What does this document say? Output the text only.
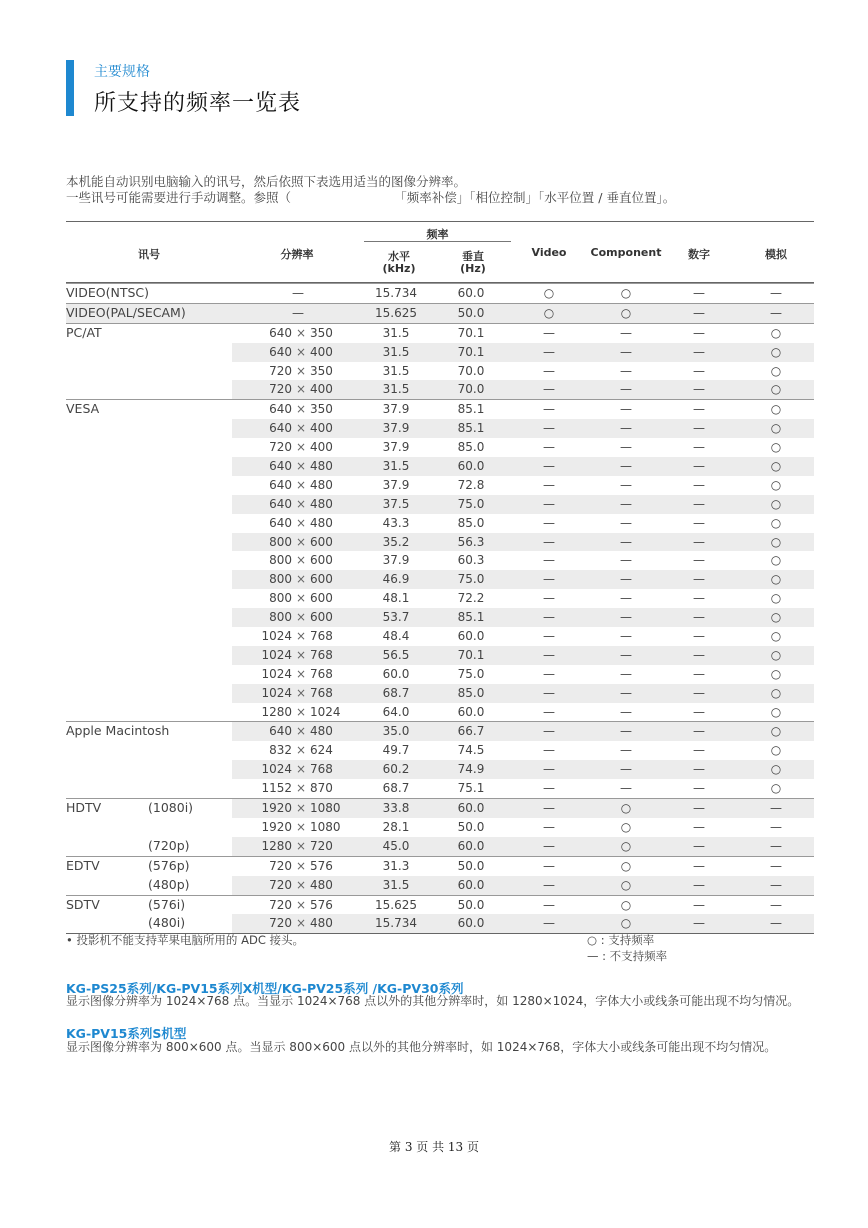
主要规格
所支持的频率一览表
本机能自动识别电脑输入的讯号，然后依照下表选用适当的图像分辨率。
一些讯号可能需要进行手动调整。参照（                          「频率补偿」「相位控制」「水平位置 / 垂直位置」。
讯号	分辨率
频率
水平
(kHz)
垂直
(Hz)
Video	Component	数字	模拟
VIDEO(NTSC)	—	15.734	60.0	○	○	—	—
VIDEO(PAL/SECAM)	—	15.625	50.0	○	○	—	—
PC/AT	640 × 350	31.5	70.1	—	—	—	○
640 × 400	31.5	70.1	—	—	—	○
720 × 350	31.5	70.0	—	—	—	○
720 × 400	31.5	70.0	—	—	—	○
VESA	640 × 350	37.9	85.1	—	—	—	○
640 × 400	37.9	85.1	—	—	—	○
720 × 400	37.9	85.0	—	—	—	○
640 × 480	31.5	60.0	—	—	—	○
640 × 480	37.9	72.8	—	—	—	○
640 × 480	37.5	75.0	—	—	—	○
640 × 480	43.3	85.0	—	—	—	○
800 × 600	35.2	56.3	—	—	—	○
800 × 600	37.9	60.3	—	—	—	○
800 × 600	46.9	75.0	—	—	—	○
800 × 600	48.1	72.2	—	—	—	○
800 × 600	53.7	85.1	—	—	—	○
1024 × 768	48.4	60.0	—	—	—	○
1024 × 768	56.5	70.1	—	—	—	○
1024 × 768	60.0	75.0	—	—	—	○
1024 × 768	68.7	85.0	—	—	—	○
1280 × 1024	64.0	60.0	—	—	—	○
Apple Macintosh	640 × 480	35.0	66.7	—	—	—	○
832 × 624	49.7	74.5	—	—	—	○
1024 × 768	60.2	74.9	—	—	—	○
1152 × 870	68.7	75.1	—	—	—	○
HDTV	(1080i)	1920 × 1080	33.8	60.0	—	○	—	—
1920 × 1080	28.1	50.0	—	○	—	—
(720p)	1280 × 720	45.0	60.0	—	○	—	—
EDTV	(576p)	720 × 576	31.3	50.0	—	○	—	—
(480p)	720 × 480	31.5	60.0	—	○	—	—
SDTV	(576i)	720 × 576	15.625	50.0	—	○	—	—
(480i)	720 × 480	15.734	60.0	—	○	—	—
• 投影机不能支持苹果电脑所用的 ADC 接头。	○ : 支持频率
— : 不支持频率
KG-PS25系列/KG-PV15系列X机型/KG-PV25系列 /KG-PV30系列
显示图像分辨率为 1024×768 点。当显示 1024×768 点以外的其他分辨率时，如 1280×1024，字体大小或线条可能出现不均匀情况。
KG-PV15系列S机型
显示图像分辨率为 800×600 点。当显示 800×600 点以外的其他分辨率时，如 1024×768，字体大小或线条可能出现不均匀情况。
第 3 页 共 13 页
